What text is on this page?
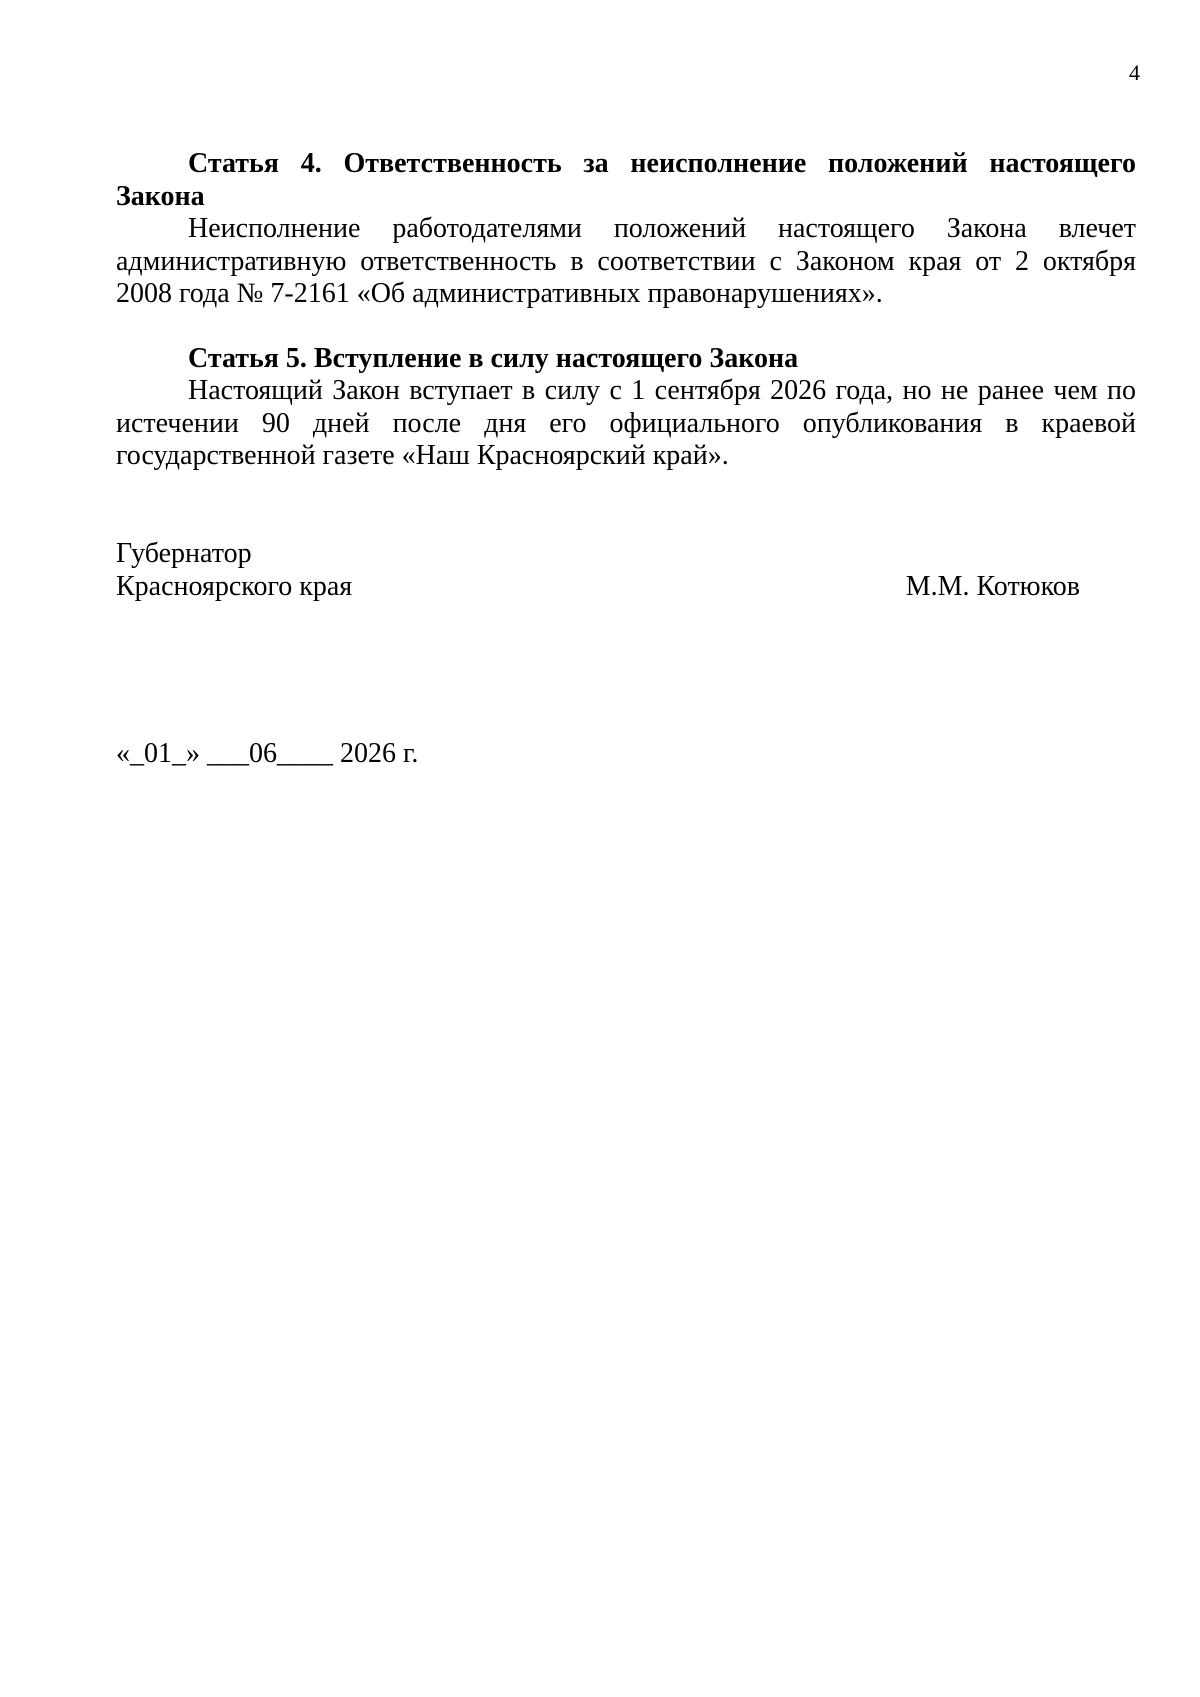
4
Статья 4. Ответственность за неисполнение положений настоящего
Закона

Неисполнение работодателями положений настоящего Закона влечет административную ответственность в соответствии с Законом края от 2 октября 2008 года № 7-2161 «Об административных правонарушениях».

Статья 5. Вступление в силу настоящего Закона

Настоящий Закон вступает в силу с 1 сентября 2026 года, но не ранее чем по истечении 90 дней после дня его официального опубликования в краевой государственной газете «Наш Красноярский край».

Губернатор
Красноярского края	М.М. Котюков
«_01_» ___06____ 2026 г.
